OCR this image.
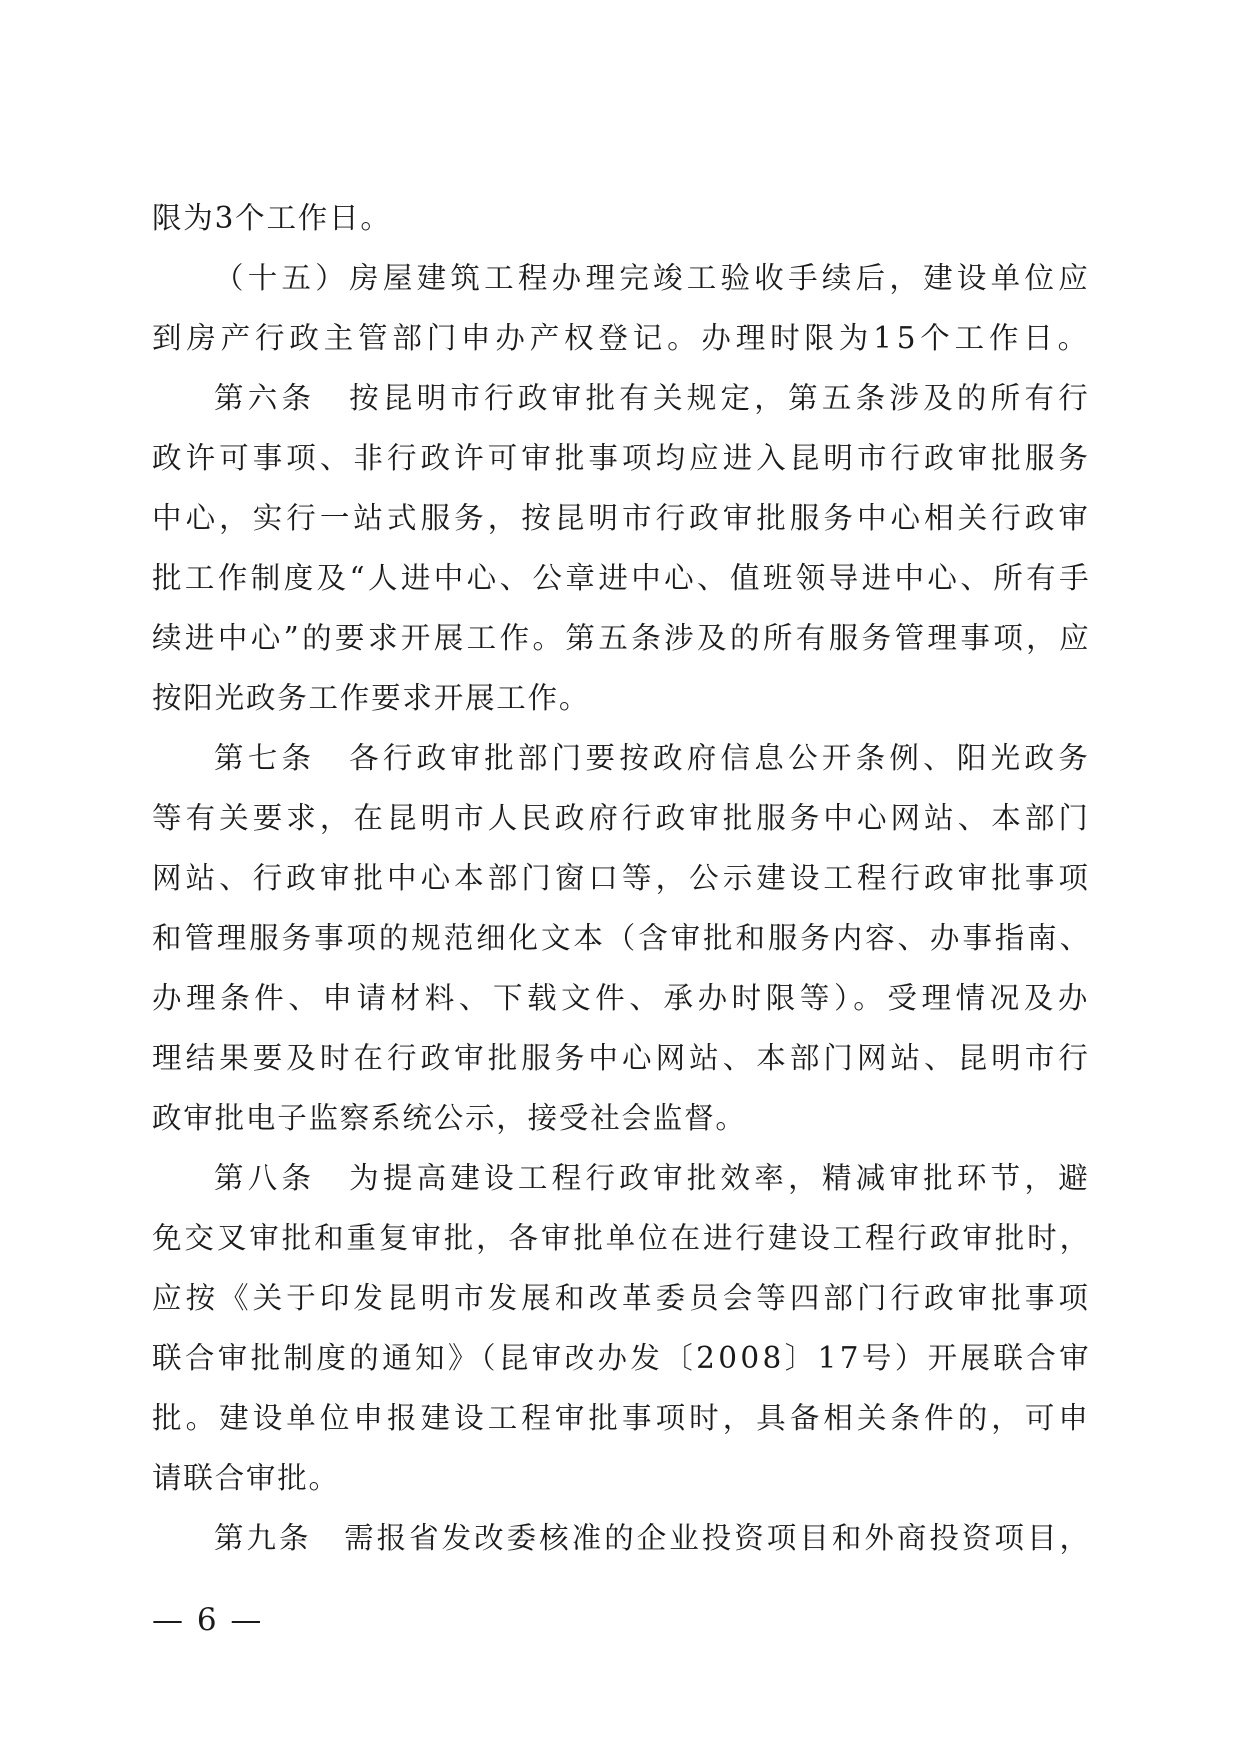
限为3个工作日。
（十五）房屋建筑工程办理完竣工验收手续后，建设单位应
到房产行政主管部门申办产权登记。办理时限为15个工作日。
第六条　按昆明市行政审批有关规定，第五条涉及的所有行
政许可事项、非行政许可审批事项均应进入昆明市行政审批服务
中心，实行一站式服务，按昆明市行政审批服务中心相关行政审
批工作制度及“人进中心、公章进中心、值班领导进中心、所有手
续进中心”的要求开展工作。第五条涉及的所有服务管理事项，应
按阳光政务工作要求开展工作。
第七条　各行政审批部门要按政府信息公开条例、阳光政务
等有关要求，在昆明市人民政府行政审批服务中心网站、本部门
网站、行政审批中心本部门窗口等，公示建设工程行政审批事项
和管理服务事项的规范细化文本（含审批和服务内容、办事指南、
办理条件、申请材料、下载文件、承办时限等）。受理情况及办
理结果要及时在行政审批服务中心网站、本部门网站、昆明市行
政审批电子监察系统公示，接受社会监督。
第八条　为提高建设工程行政审批效率，精减审批环节，避
免交叉审批和重复审批，各审批单位在进行建设工程行政审批时，
应按《关于印发昆明市发展和改革委员会等四部门行政审批事项
联合审批制度的通知》（昆审改办发〔2008〕17号）开展联合审
批。建设单位申报建设工程审批事项时，具备相关条件的，可申
请联合审批。
第九条　需报省发改委核准的企业投资项目和外商投资项目，
— 6 —
